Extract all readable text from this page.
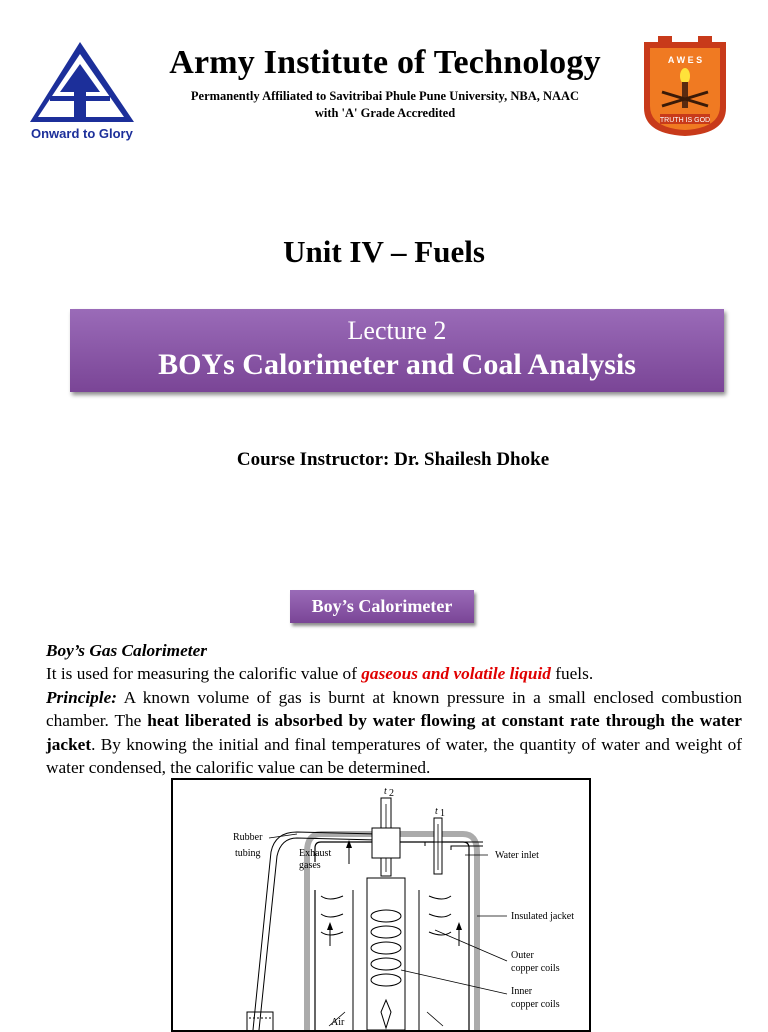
Onward to Glory
Army Institute of Technology
Permanently Affiliated to Savitribai Phule Pune University, NBA, NAAC
with 'A' Grade Accredited
A W E S
TRUTH IS GOD
Unit IV – Fuels
Lecture 2
BOYs Calorimeter and Coal Analysis
Course Instructor: Dr. Shailesh Dhoke
Boy’s Calorimeter

Boy’s Gas Calorimeter

It is used for measuring the calorific value of gaseous and volatile liquid fuels.

Principle: A known volume of gas is burnt at known pressure in a small enclosed combustion chamber. The heat liberated is absorbed by water flowing at constant rate through the water jacket. By knowing the initial and final temperatures of water, the quantity of water and weight of water condensed, the calorific value can be determined.

Rubber
tubing	Exhaust
gases
t 2
t 1
Water inlet
Insulated jacket
Outer
copper coils
Inner
copper coils
Air
